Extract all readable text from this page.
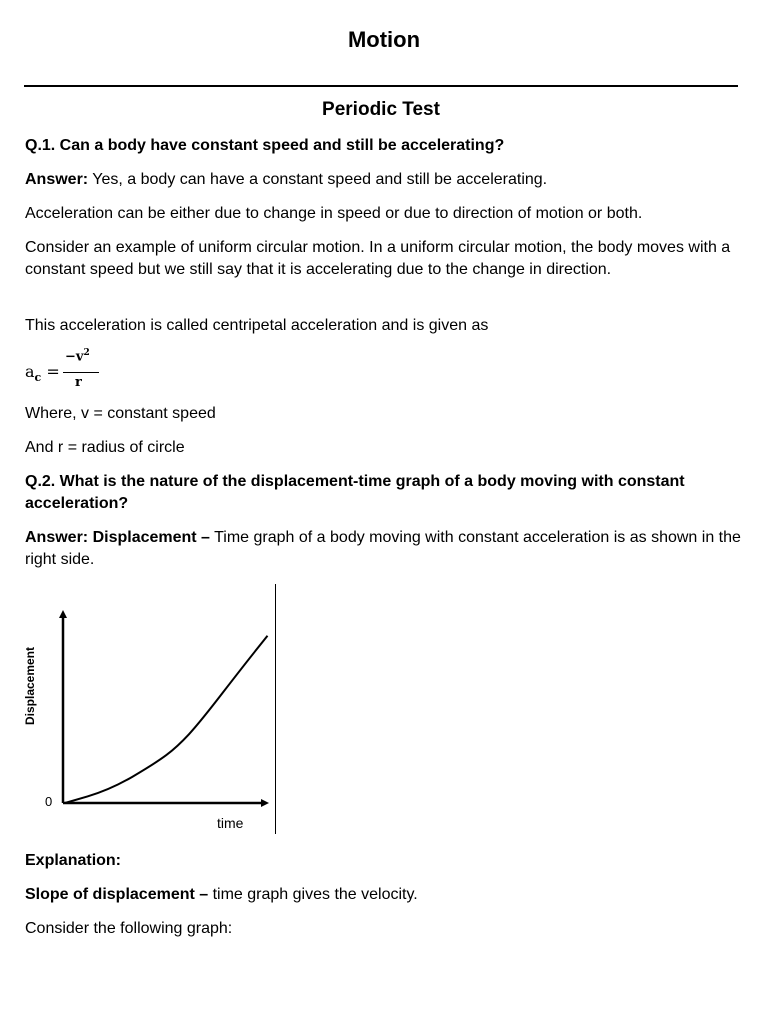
Motion
Periodic Test
Q.1. Can a body have constant speed and still be accelerating?
Answer: Yes, a body can have a constant speed and still be accelerating.
Acceleration can be either due to change in speed or due to direction of motion or both.
Consider an example of uniform circular motion. In a uniform circular motion, the body moves with a constant speed but we still say that it is accelerating due to the change in direction.
This acceleration is called centripetal acceleration and is given as
$a_c$ =
$-v^2$
r
Where, v = constant speed
And r = radius of circle
Q.2. What is the nature of the displacement-time graph of a body moving with constant acceleration?
Answer: Displacement – Time graph of a body moving with constant acceleration is as shown in the right side.
Displacement
0
time
Explanation:
Slope of displacement – time graph gives the velocity.
Consider the following graph:
